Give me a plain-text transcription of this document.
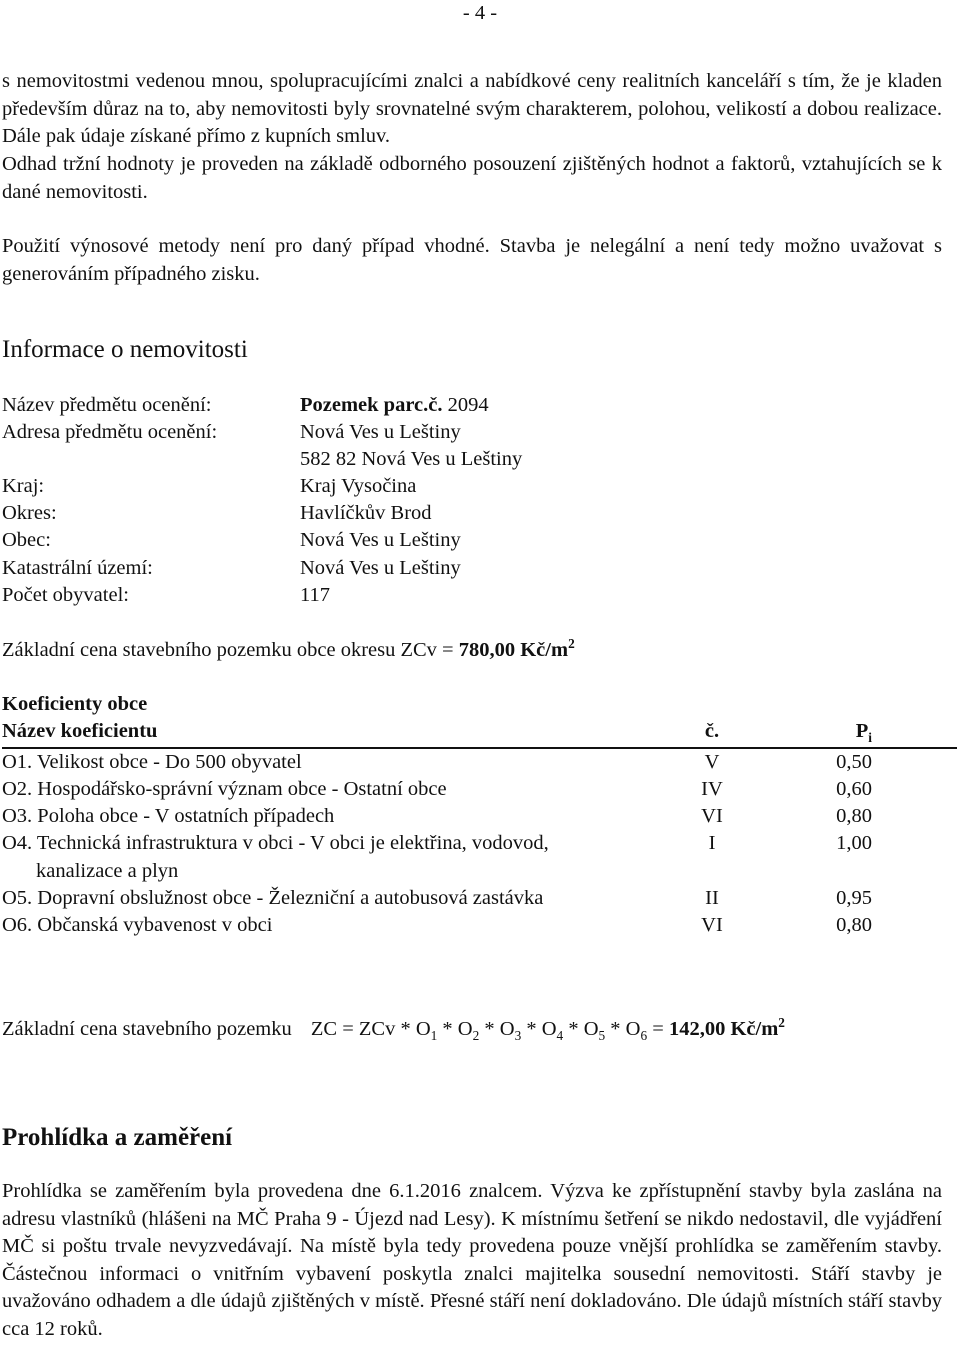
- 4 -
s nemovitostmi vedenou mnou, spolupracujícími znalci a nabídkové ceny realitních kanceláří s tím, že je kladen především důraz na to, aby nemovitosti byly srovnatelné svým charakterem, polohou, velikostí a dobou realizace. Dále pak údaje získané přímo z kupních smluv.
Odhad tržní hodnoty je proveden na základě odborného posouzení zjištěných hodnot a faktorů, vztahujících se k dané nemovitosti.
Použití výnosové metody není pro daný případ vhodné. Stavba je nelegální a není tedy možno uvažovat s generováním případného zisku.
Informace o nemovitosti
Název předmětu ocenění:	Pozemek parc.č. 2094
Adresa předmětu ocenění:	Nová Ves u Leštiny
582 82 Nová Ves u Leštiny
Kraj:	Kraj Vysočina
Okres:	Havlíčkův Brod
Obec:	Nová Ves u Leštiny
Katastrální území:	Nová Ves u Leštiny
Počet obyvatel:	117
Základní cena stavebního pozemku obce okresu ZCv = 780,00 $Kč/m^2$
Koeficienty obce
Název koeficientu	č.	$P_i$
O1. Velikost obce - Do 500 obyvatel	V	0,50
O2. Hospodářsko-správní význam obce - Ostatní obce	IV	0,60
O3. Poloha obce - V ostatních případech	VI	0,80
O4. Technická infrastruktura v obci - V obci je elektřina, vodovod,
kanalizace a plyn
I	1,00
O5. Dopravní obslužnost obce - Železniční a autobusová zastávka	II	0,95
O6. Občanská vybavenost v obci	VI	0,80
Základní cena stavebního pozemku ZC = ZCv * $O_1 * O_2 * O_3 * O_4 * O_5 * O_6 = 142,00$ $Kč/m^2$
Prohlídka a zaměření
Prohlídka se zaměřením byla provedena dne 6.1.2016 znalcem. Výzva ke zpřístupnění stavby byla zaslána na adresu vlastníků (hlášeni na MČ Praha 9 - Újezd nad Lesy). K místnímu šetření se nikdo nedostavil, dle vyjádření MČ si poštu trvale nevyzvedávají. Na místě byla tedy provedena pouze vnější prohlídka se zaměřením stavby. Částečnou informaci o vnitřním vybavení poskytla znalci majitelka sousední nemovitosti. Stáří stavby je uvažováno odhadem a dle údajů zjištěných v místě. Přesné stáří není dokladováno. Dle údajů místních stáří stavby cca 12 roků.
